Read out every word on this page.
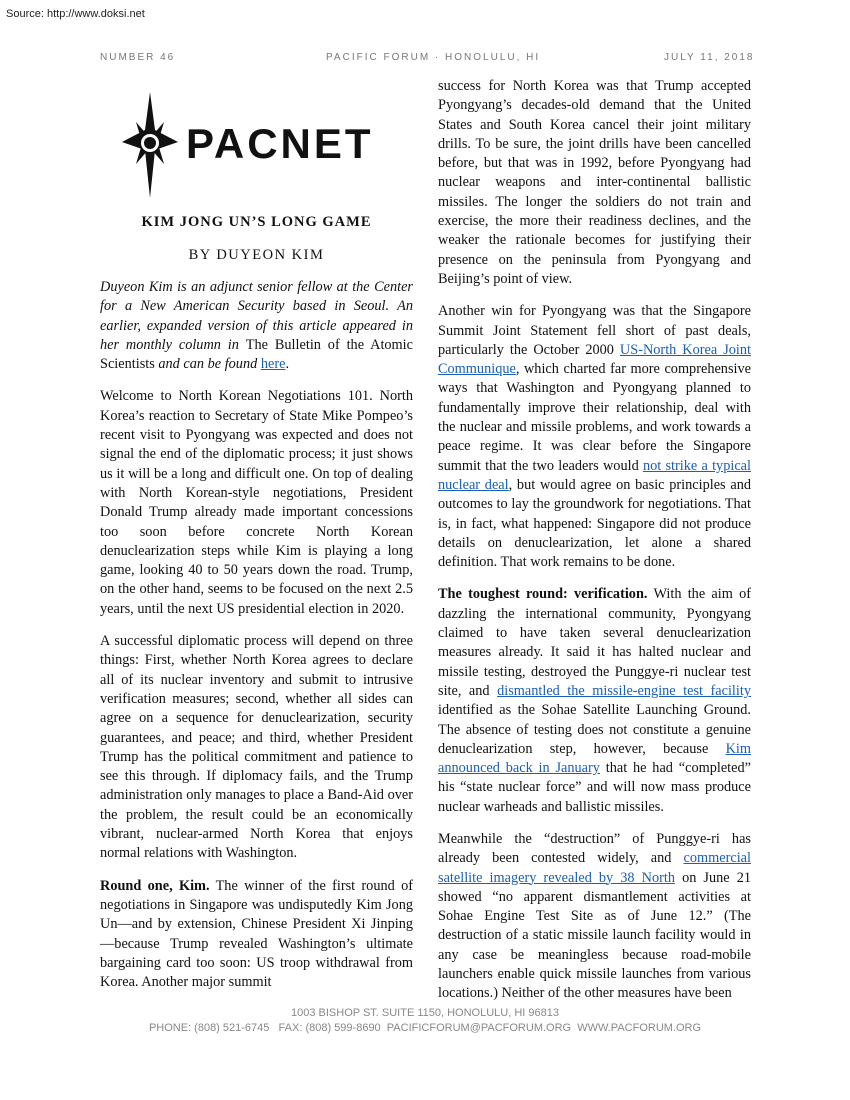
Source: http://www.doksi.net
NUMBER 46	PACIFIC FORUM · HONOLULU, HI	JULY 11, 2018
PACNET
KIM JONG UN’S LONG GAME
BY DUYEON KIM

Duyeon Kim is an adjunct senior fellow at the Center for a New American Security based in Seoul. An earlier, expanded version of this article appeared in her monthly column in The Bulletin of the Atomic Scientists and can be found here.

Welcome to North Korean Negotiations 101. North Korea’s reaction to Secretary of State Mike Pompeo’s recent visit to Pyongyang was expected and does not signal the end of the diplomatic process; it just shows us it will be a long and difficult one. On top of dealing with North Korean-style negotiations, President Donald Trump already made important concessions too soon before concrete North Korean denuclearization steps while Kim is playing a long game, looking 40 to 50 years down the road. Trump, on the other hand, seems to be focused on the next 2.5 years, until the next US presidential election in 2020.

A successful diplomatic process will depend on three things: First, whether North Korea agrees to declare all of its nuclear inventory and submit to intrusive verification measures; second, whether all sides can agree on a sequence for denuclearization, security guarantees, and peace; and third, whether President Trump has the political commitment and patience to see this through. If diplomacy fails, and the Trump administration only manages to place a Band-Aid over the problem, the result could be an economically vibrant, nuclear-armed North Korea that enjoys normal relations with Washington.

Round one, Kim. The winner of the first round of negotiations in Singapore was undisputedly Kim Jong Un—and by extension, Chinese President Xi Jinping—because Trump revealed Washington’s ultimate bargaining card too soon: US troop withdrawal from Korea. Another major summit

success for North Korea was that Trump accepted Pyongyang’s decades-old demand that the United States and South Korea cancel their joint military drills. To be sure, the joint drills have been cancelled before, but that was in 1992, before Pyongyang had nuclear weapons and inter-continental ballistic missiles. The longer the soldiers do not train and exercise, the more their readiness declines, and the weaker the rationale becomes for justifying their presence on the peninsula from Pyongyang and Beijing’s point of view.

Another win for Pyongyang was that the Singapore Summit Joint Statement fell short of past deals, particularly the October 2000 US-North Korea Joint Communique, which charted far more comprehensive ways that Washington and Pyongyang planned to fundamentally improve their relationship, deal with the nuclear and missile problems, and work towards a peace regime. It was clear before the Singapore summit that the two leaders would not strike a typical nuclear deal, but would agree on basic principles and outcomes to lay the groundwork for negotiations. That is, in fact, what happened: Singapore did not produce details on denuclearization, let alone a shared definition. That work remains to be done.

The toughest round: verification. With the aim of dazzling the international community, Pyongyang claimed to have taken several denuclearization measures already. It said it has halted nuclear and missile testing, destroyed the Punggye-ri nuclear test site, and dismantled the missile-engine test facility identified as the Sohae Satellite Launching Ground. The absence of testing does not constitute a genuine denuclearization step, however, because Kim announced back in January that he had “completed” his “state nuclear force” and will now mass produce nuclear warheads and ballistic missiles.

Meanwhile the “destruction” of Punggye-ri has already been contested widely, and commercial satellite imagery revealed by 38 North on June 21 showed “no apparent dismantlement activities at Sohae Engine Test Site as of June 12.” (The destruction of a static missile launch facility would in any case be meaningless because road-mobile launchers enable quick missile launches from various locations.) Neither of the other measures have been

1003 BISHOP ST. SUITE 1150, HONOLULU, HI 96813
PHONE: (808) 521-6745   FAX: (808) 599-8690  PACIFICFORUM@PACFORUM.ORG  WWW.PACFORUM.ORG
